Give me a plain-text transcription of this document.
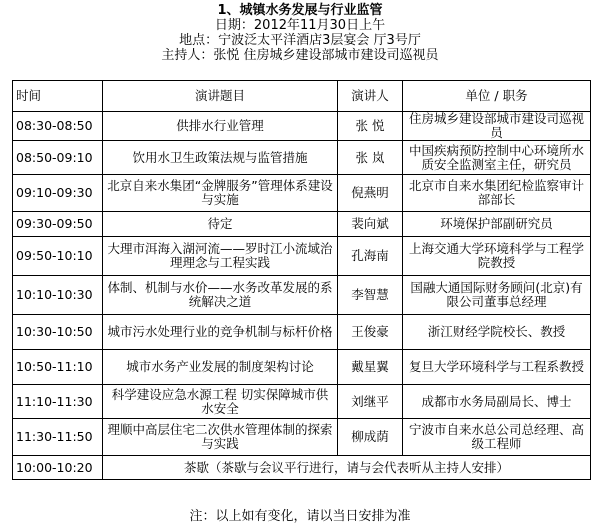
1、城镇水务发展与行业监管
日期：2012年11月30日上午
地点：宁波泛太平洋酒店3层宴会 厅3号厅
主持人：张悦 住房城乡建设部城市建设司巡视员
时间	演讲题目	演讲人	单位 / 职务
08:30-08:50	供排水行业管理	张 悦	住房城乡建设部城市建设司巡视员
08:50-09:10	饮用水卫生政策法规与监管措施	张 岚	中国疾病预防控制中心环境所水质安全监测室主任，研究员
09:10-09:30	北京自来水集团“金牌服务”管理体系建设与实施	倪燕明	北京市自来水集团纪检监察审计部部长
09:30-09:50	待定	裴向斌	环境保护部副研究员
09:50-10:10	大理市洱海入湖河流——罗时江小流域治理理念与工程实践	孔海南	上海交通大学环境科学与工程学院教授
10:10-10:30	体制、机制与水价——水务改革发展的系统解决之道	李智慧	国融大通国际财务顾问(北京)有限公司董事总经理
10:30-10:50	城市污水处理行业的竞争机制与标杆价格	王俊豪	浙江财经学院校长、教授
10:50-11:10	城市水务产业发展的制度架构讨论	戴星翼	复旦大学环境科学与工程系教授
11:10-11:30	科学建设应急水源工程 切实保障城市供水安全	刘继平	成都市水务局副局长、博士
11:30-11:50	理顺中高层住宅二次供水管理体制的探索与实践	柳成荫	宁波市自来水总公司总经理、高级工程师
10:00-10:20	茶歇（茶歇与会议平行进行，请与会代表听从主持人安排）		
注：以上如有变化，请以当日安排为准
